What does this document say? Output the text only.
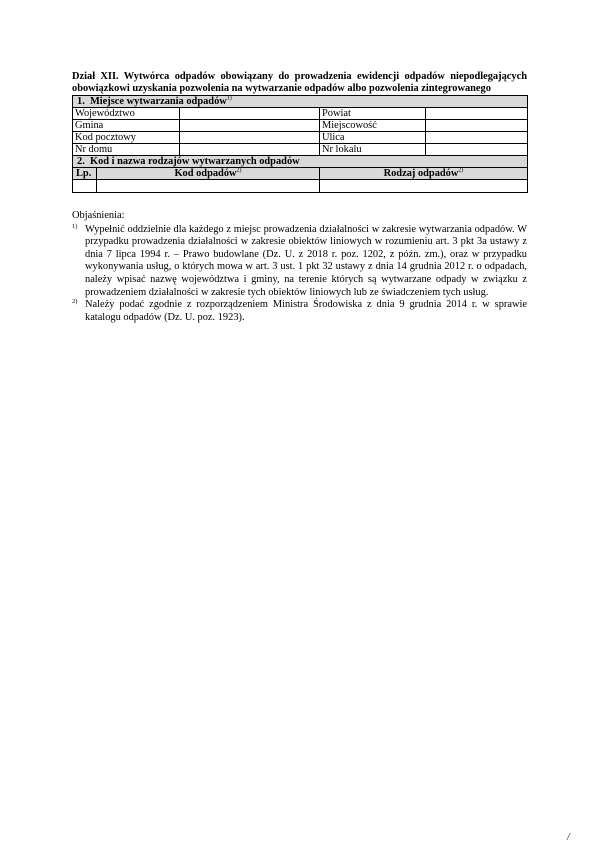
Dział XII. Wytwórca odpadów obowiązany do prowadzenia ewidencji odpadów niepodlegających obowiązkowi uzyskania pozwolenia na wytwarzanie odpadów albo pozwolenia zintegrowanego

1.  Miejsce wytwarzania odpadów$^{1)}$
Województwo			Powiat	
Gmina			Miejscowość	
Kod pocztowy			Ulica	
Nr domu			Nr lokalu	
2.  Kod i nazwa rodzajów wytwarzanych odpadów				
Lp.	Kod odpadów$^{2)}$		Rodzaj odpadów$^{2)}$

Objaśnienia:

1) Wypełnić oddzielnie dla każdego z miejsc prowadzenia działalności w zakresie wytwarzania odpadów. W przypadku prowadzenia działalności w zakresie obiektów liniowych w rozumieniu art. 3 pkt 3a ustawy z dnia 7 lipca 1994 r. – Prawo budowlane (Dz. U. z 2018 r. poz. 1202, z późn. zm.), oraz w przypadku wykonywania usług, o których mowa w art. 3 ust. 1 pkt 32 ustawy z dnia 14 grudnia 2012 r. o odpadach, należy wpisać nazwę województwa i gminy, na terenie których są wytwarzane odpady w związku z prowadzeniem działalności w zakresie tych obiektów liniowych lub ze świadczeniem tych usług.

2) Należy podać zgodnie z rozporządzeniem Ministra Środowiska z dnia 9 grudnia 2014 r. w sprawie katalogu odpadów (Dz. U. poz. 1923).

/
